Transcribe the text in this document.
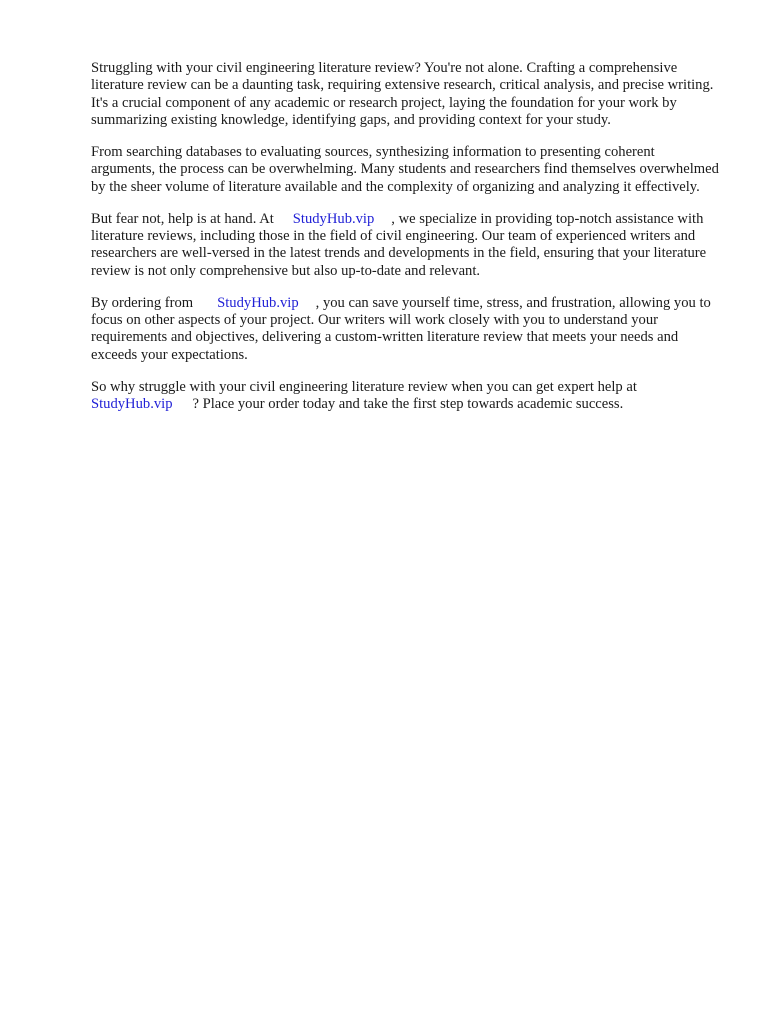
Struggling with your civil engineering literature review? You're not alone. Crafting a comprehensive literature review can be a daunting task, requiring extensive research, critical analysis, and precise writing. It's a crucial component of any academic or research project, laying the foundation for your work by summarizing existing knowledge, identifying gaps, and providing context for your study.

From searching databases to evaluating sources, synthesizing information to presenting coherent arguments, the process can be overwhelming. Many students and researchers find themselves overwhelmed by the sheer volume of literature available and the complexity of organizing and analyzing it effectively.

But fear not, help is at hand. At StudyHub.vip , we specialize in providing top-notch assistance with literature reviews, including those in the field of civil engineering. Our team of experienced writers and researchers are well-versed in the latest trends and developments in the field, ensuring that your literature review is not only comprehensive but also up-to-date and relevant.

By ordering from StudyHub.vip , you can save yourself time, stress, and frustration, allowing you to focus on other aspects of your project. Our writers will work closely with you to understand your requirements and objectives, delivering a custom-written literature review that meets your needs and exceeds your expectations.

So why struggle with your civil engineering literature review when you can get expert help at StudyHub.vip ? Place your order today and take the first step towards academic success.
